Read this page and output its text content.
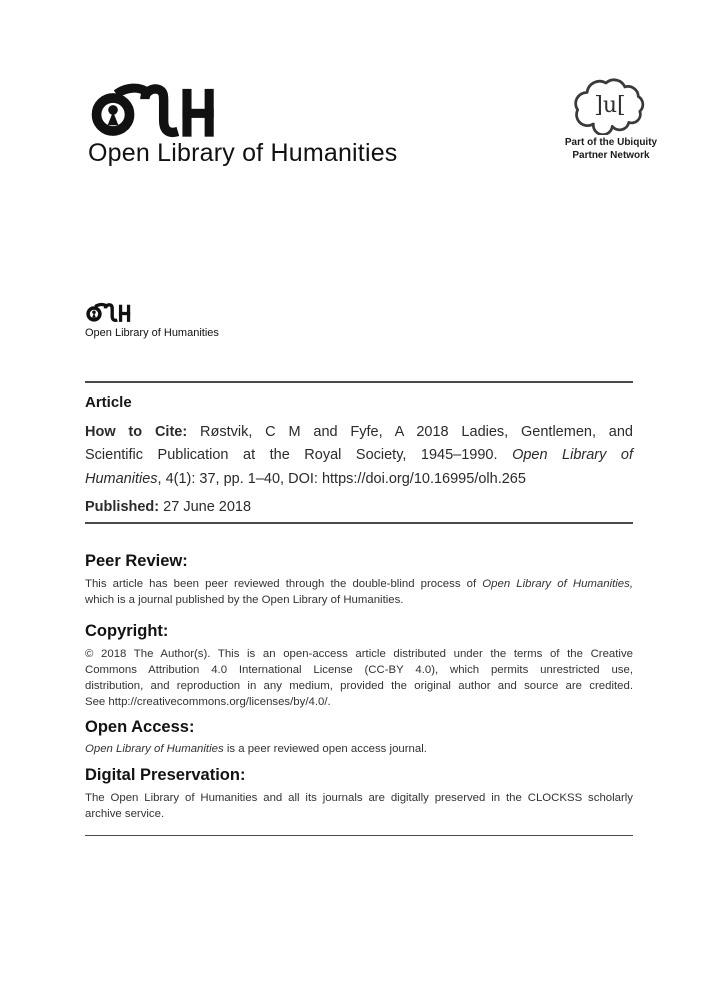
Open Library of Humanities
]u[
Part of the Ubiquity
Partner Network
Open Library of Humanities
Article
How to Cite: Røstvik, C M and Fyfe, A 2018 Ladies, Gentlemen, and
Scientific Publication at the Royal Society, 1945–1990. Open Library of
Humanities, 4(1): 37, pp. 1–40, DOI: https://doi.org/10.16995/olh.265
Published: 27 June 2018
Peer Review:
This article has been peer reviewed through the double-blind process of Open Library of Humanities,
which is a journal published by the Open Library of Humanities.
Copyright:
© 2018 The Author(s). This is an open-access article distributed under the terms of the Creative
Commons Attribution 4.0 International License (CC-BY 4.0), which permits unrestricted use,
distribution, and reproduction in any medium, provided the original author and source are credited.
See http://creativecommons.org/licenses/by/4.0/.
Open Access:
Open Library of Humanities is a peer reviewed open access journal.
Digital Preservation:
The Open Library of Humanities and all its journals are digitally preserved in the CLOCKSS scholarly
archive service.
